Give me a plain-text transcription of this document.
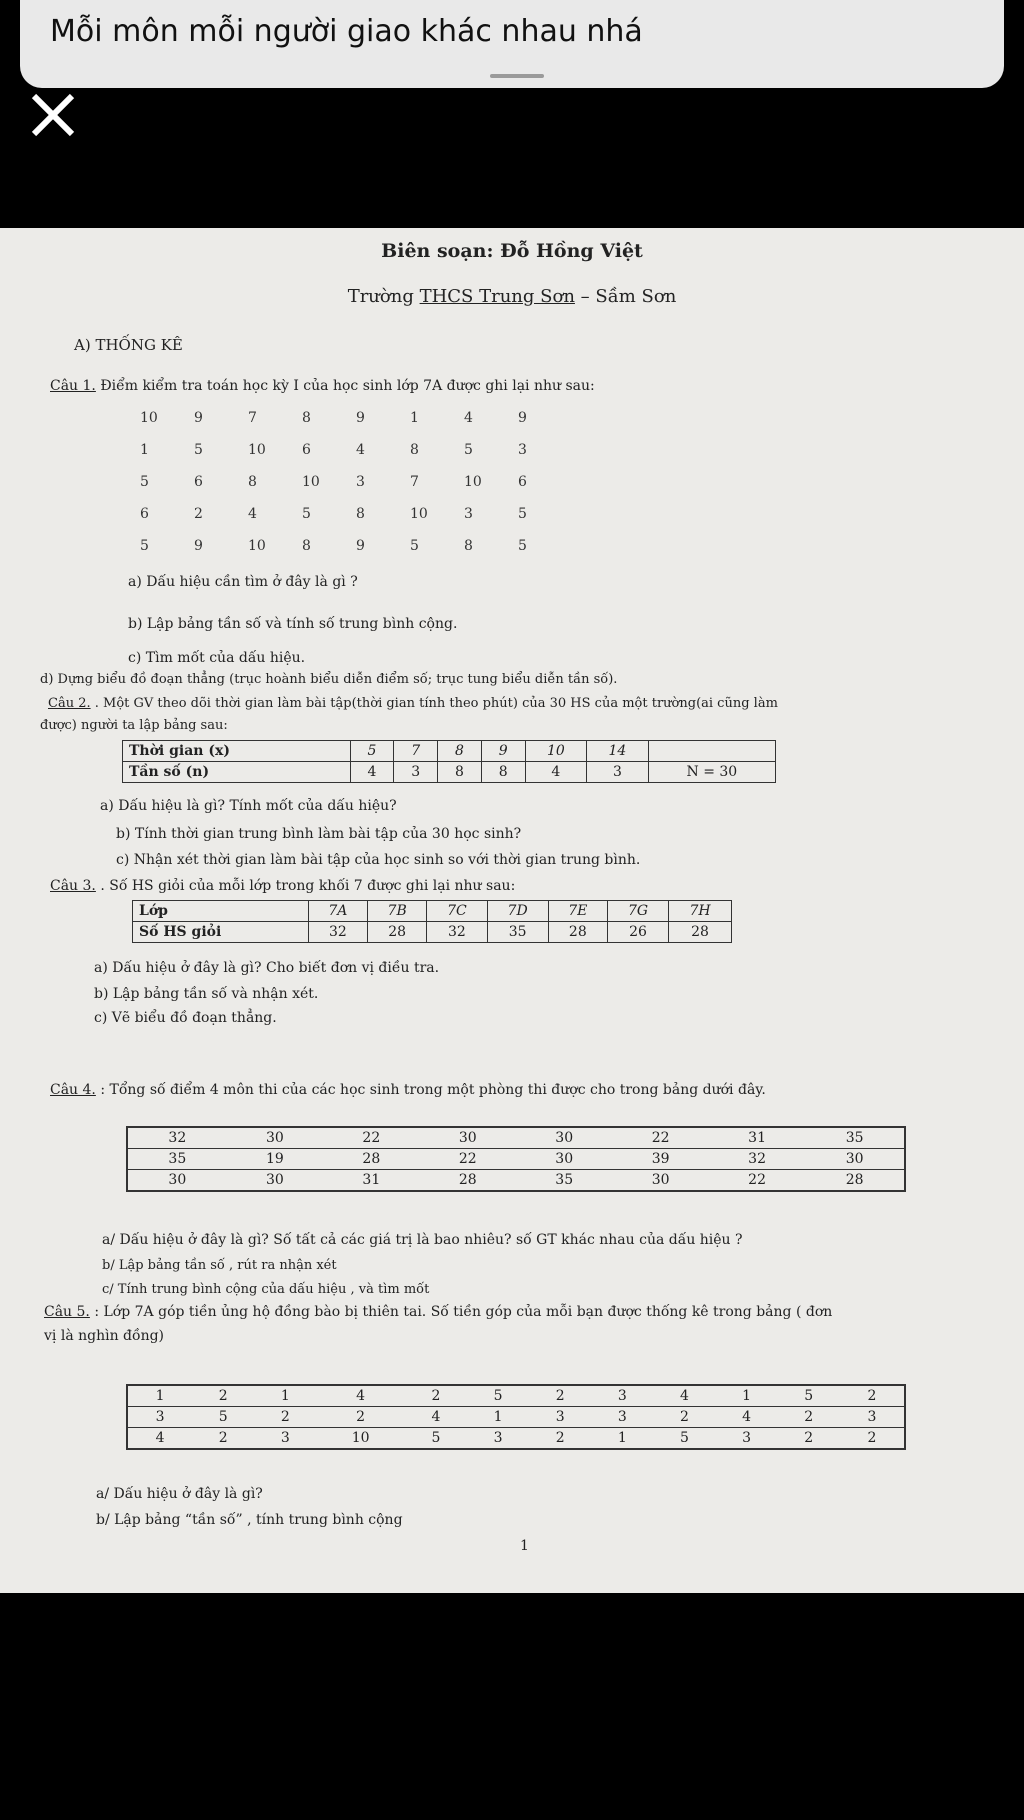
Mỗi môn mỗi người giao khác nhau nhá
Biên soạn: Đỗ Hồng Việt
Trường THCS Trung Sơn – Sầm Sơn
A) THỐNG KÊ
Câu 1. Điểm kiểm tra toán học kỳ I của học sinh lớp 7A được ghi lại như sau:
10	9	7	8	9	1	4	9
1	5	10	6	4	8	5	3
5	6	8	10	3	7	10	6
6	2	4	5	8	10	3	5
5	9	10	8	9	5	8	5
a) Dấu hiệu cần tìm ở đây là gì ?
b) Lập bảng tần số và tính số trung bình cộng.
c) Tìm mốt của dấu hiệu.
d) Dựng biểu đồ đoạn thẳng (trục hoành biểu diễn điểm số; trục tung biểu diễn tần số).
Câu 2. . Một GV theo dõi thời gian làm bài tập(thời gian tính theo phút) của 30 HS của một trường(ai cũng làm
được) người ta lập bảng sau:
Thời gian (x)	5	7	8	9	10	14	
Tần số (n)	4	3	8	8	4	3	N = 30
a) Dấu hiệu là gì? Tính mốt của dấu hiệu?
b) Tính thời gian trung bình làm bài tập của 30 học sinh?
c) Nhận xét thời gian làm bài tập của học sinh so với thời gian trung bình.
Câu 3. . Số HS giỏi của mỗi lớp trong khối 7 được ghi lại như sau:
Lớp	7A	7B	7C	7D	7E	7G	7H
Số HS giỏi	32	28	32	35	28	26	28
a) Dấu hiệu ở đây là gì? Cho biết đơn vị điều tra.
b) Lập bảng tần số và nhận xét.
c) Vẽ biểu đồ đoạn thẳng.
Câu 4. : Tổng số điểm 4 môn thi của các học sinh trong một phòng thi được cho trong bảng dưới đây.
32	30	22	30	30	22	31	35
35	19	28	22	30	39	32	30
30	30	31	28	35	30	22	28
a/ Dấu hiệu ở đây là gì? Số tất cả các giá trị là bao nhiêu? số GT khác nhau của dấu hiệu ?
b/ Lập bảng tần số , rút ra nhận xét
c/ Tính trung bình cộng của dấu hiệu , và tìm mốt
Câu 5. : Lớp 7A góp tiền ủng hộ đồng bào bị thiên tai. Số tiền góp của mỗi bạn được thống kê trong bảng ( đơn
vị là nghìn đồng)
1	2	1	4	2	5	2	3	4	1	5	2
3	5	2	2	4	1	3	3	2	4	2	3
4	2	3	10	5	3	2	1	5	3	2	2
a/ Dấu hiệu ở đây là gì?
b/ Lập bảng “tần số” , tính trung bình cộng
1
